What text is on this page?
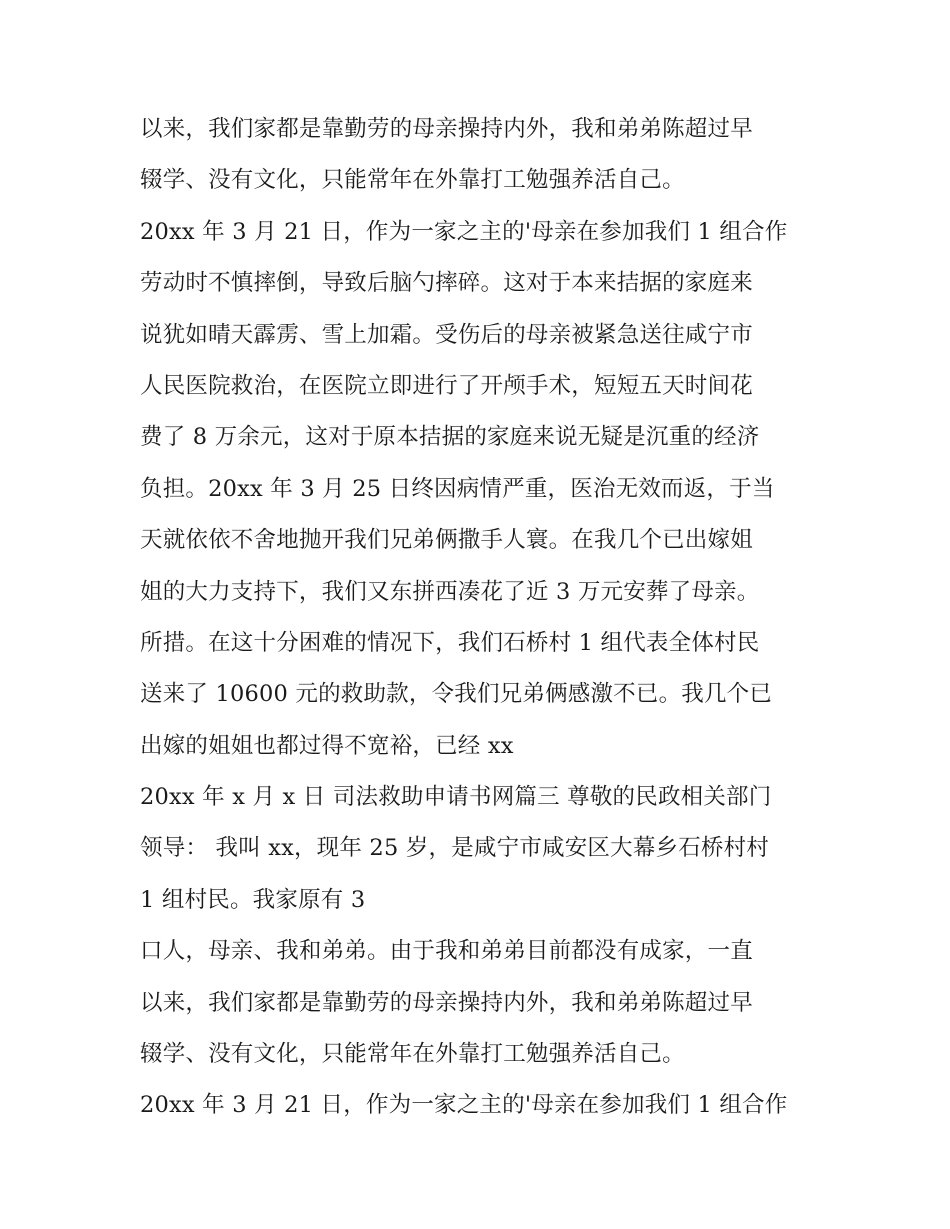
以来，我们家都是靠勤劳的母亲操持内外，我和弟弟陈超过早
辍学、没有文化，只能常年在外靠打工勉强养活自己。
20xx 年 3 月 21 日，作为一家之主的'母亲在参加我们 1 组合作
劳动时不慎摔倒，导致后脑勺摔碎。这对于本来拮据的家庭来
说犹如晴天霹雳、雪上加霜。受伤后的母亲被紧急送往咸宁市
人民医院救治，在医院立即进行了开颅手术，短短五天时间花
费了 8 万余元，这对于原本拮据的家庭来说无疑是沉重的经济
负担。20xx 年 3 月 25 日终因病情严重，医治无效而返，于当
天就依依不舍地抛开我们兄弟俩撒手人寰。在我几个已出嫁姐
姐的大力支持下，我们又东拼西凑花了近 3 万元安葬了母亲。
所措。在这十分困难的情况下，我们石桥村 1 组代表全体村民
送来了 10600 元的救助款，令我们兄弟俩感激不已。我几个已
出嫁的姐姐也都过得不宽裕，已经 xx
20xx 年 x 月 x 日 司法救助申请书网篇三 尊敬的民政相关部门
领导： 我叫 xx，现年 25 岁，是咸宁市咸安区大幕乡石桥村村
1 组村民。我家原有 3
口人，母亲、我和弟弟。由于我和弟弟目前都没有成家，一直
以来，我们家都是靠勤劳的母亲操持内外，我和弟弟陈超过早
辍学、没有文化，只能常年在外靠打工勉强养活自己。
20xx 年 3 月 21 日，作为一家之主的'母亲在参加我们 1 组合作
